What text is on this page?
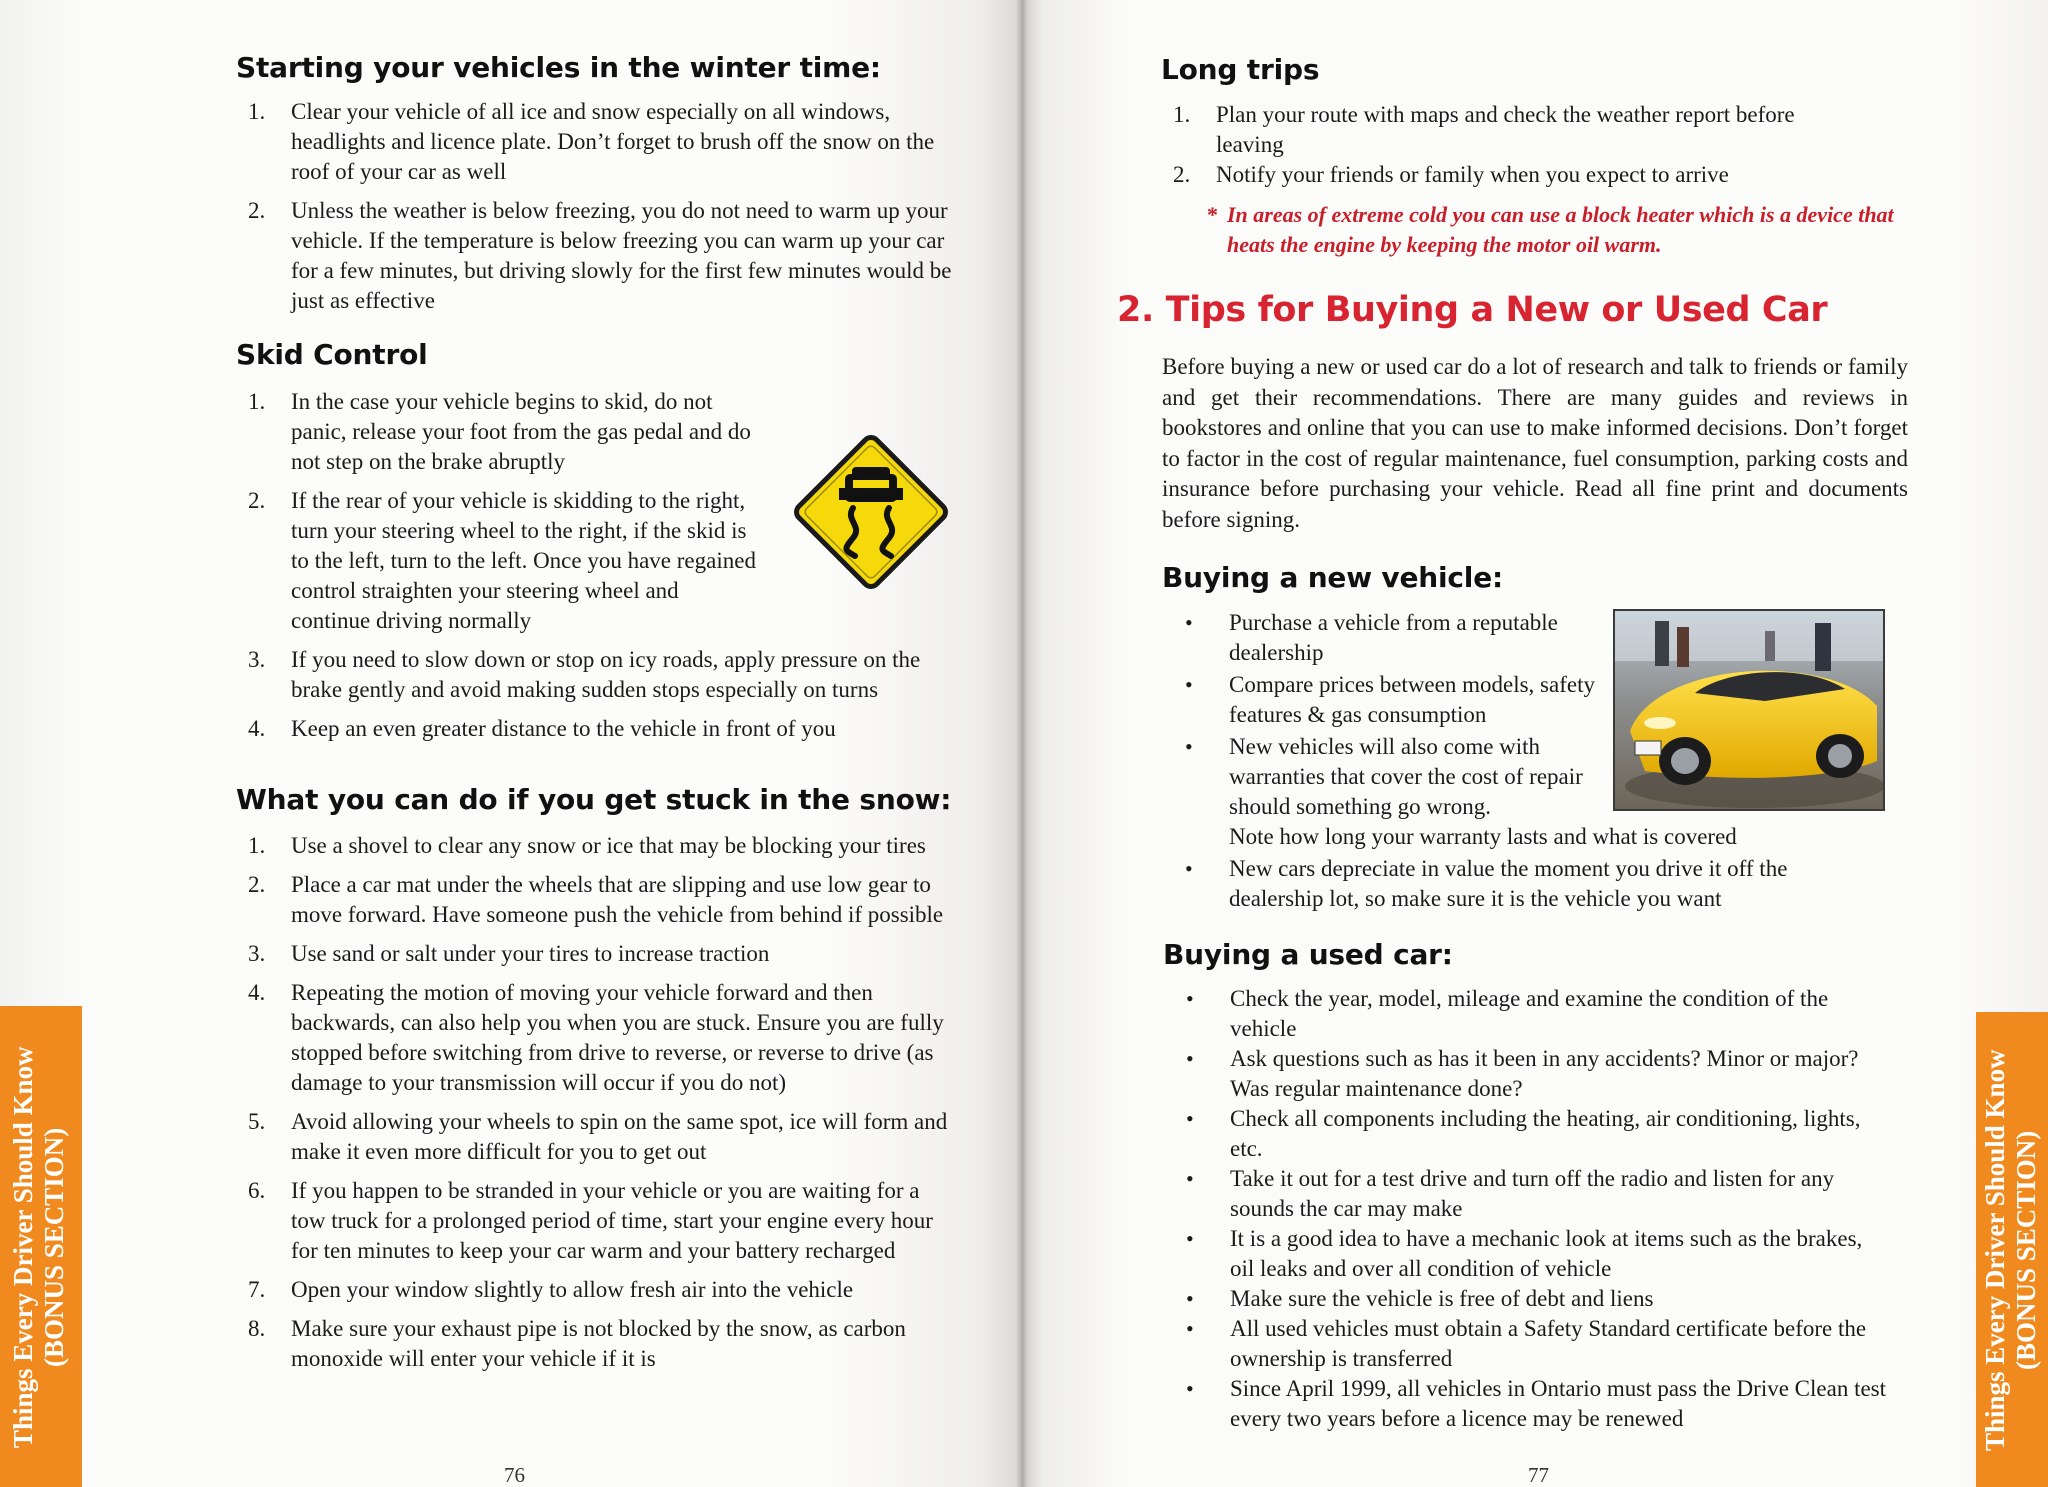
Starting your vehicles in the winter time:
1.	Clear your vehicle of all ice and snow especially on all windows, headlights and licence plate. Don’t forget to brush off the snow on the roof of your car as well
2.	Unless the weather is below freezing, you do not need to warm up your vehicle. If the temperature is below freezing you can warm up your car for a few minutes, but driving slowly for the first few minutes would be just as effective
Skid Control
1.	In the case your vehicle begins to skid, do not panic, release your foot from the gas pedal and do not step on the brake abruptly
2.	If the rear of your vehicle is skidding to the right, turn your steering wheel to the right, if the skid is to the left, turn to the left. Once you have regained control straighten your steering wheel and continue driving normally
3.	If you need to slow down or stop on icy roads, apply pressure on the brake gently and avoid making sudden stops especially on turns
4.	Keep an even greater distance to the vehicle in front of you
What you can do if you get stuck in the snow:
1.	Use a shovel to clear any snow or ice that may be blocking your tires
2.	Place a car mat under the wheels that are slipping and use low gear to move forward. Have someone push the vehicle from behind if possible
3.	Use sand or salt under your tires to increase traction
4.	Repeating the motion of moving your vehicle forward and then backwards, can also help you when you are stuck. Ensure you are fully stopped before switching from drive to reverse, or reverse to drive (as damage to your transmission will occur if you do not)
5.	Avoid allowing your wheels to spin on the same spot, ice will form and make it even more difficult for you to get out
6.	If you happen to be stranded in your vehicle or you are waiting for a tow truck for a prolonged period of time, start your engine every hour for ten minutes to keep your car warm and your battery recharged
7.	Open your window slightly to allow fresh air into the vehicle
8.	Make sure your exhaust pipe is not blocked by the snow, as carbon monoxide will enter your vehicle if it is
76
Things Every Driver Should Know (BONUS SECTION)
Long trips
1.	Plan your route with maps and check the weather report before leaving
2.	Notify your friends or family when you expect to arrive
* In areas of extreme cold you can use a block heater which is a device that heats the engine by keeping the motor oil warm.

2. Tips for Buying a New or Used Car

Before buying a new or used car do a lot of research and talk to friends or family and get their recommendations. There are many guides and reviews in bookstores and online that you can use to make informed decisions. Don’t forget to factor in the cost of regular maintenance, fuel consumption, parking costs and insurance before purchasing your vehicle. Read all fine print and documents before signing.

Buying a new vehicle:
• Purchase a vehicle from a reputable dealership
• Compare prices between models, safety features & gas consumption
• New vehicles will also come with warranties that cover the cost of repair should something go wrong.
Note how long your warranty lasts and what is covered
• New cars depreciate in value the moment you drive it off the dealership lot, so make sure it is the vehicle you want
Buying a used car:
• Check the year, model, mileage and examine the condition of the vehicle
• Ask questions such as has it been in any accidents? Minor or major? Was regular maintenance done?
• Check all components including the heating, air conditioning, lights, etc.
• Take it out for a test drive and turn off the radio and listen for any sounds the car may make
• It is a good idea to have a mechanic look at items such as the brakes, oil leaks and over all condition of vehicle
• Make sure the vehicle is free of debt and liens
• All used vehicles must obtain a Safety Standard certificate before the ownership is transferred
• Since April 1999, all vehicles in Ontario must pass the Drive Clean test every two years before a licence may be renewed
77
Things Every Driver Should Know (BONUS SECTION)
